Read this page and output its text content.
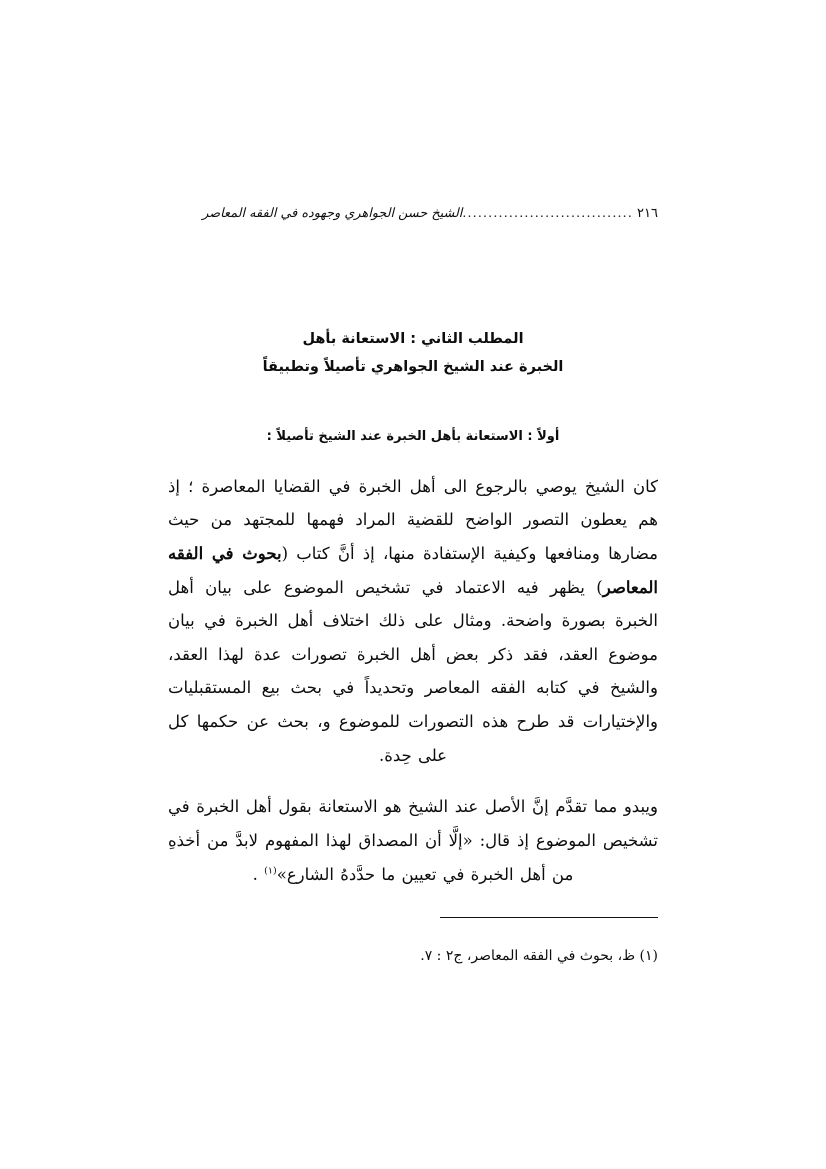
٢١٦
.................................
الشيخ حسن الجواهري وجهوده في الفقه المعاصر
المطلب الثاني : الاستعانة بأهل
الخبرة عند الشيخ الجواهري تأصيلاً وتطبيقاً
أولاً : الاستعانة بأهل الخبرة عند الشيخ تأصيلاً :

كان الشيخ يوصي بالرجوع الى أهل الخبرة في القضايا المعاصرة ؛ إذ هم يعطون التصور الواضح للقضية المراد فهمها للمجتهد من حيث مضارها ومنافعها وكيفية الإستفادة منها، إذ أنَّ كتاب (بحوث في الفقه المعاصر) يظهر فيه الاعتماد في تشخيص الموضوع على بيان أهل الخبرة بصورة واضحة. ومثال على ذلك اختلاف أهل الخبرة في بيان موضوع العقد، فقد ذكر بعض أهل الخبرة تصورات عدة لهذا العقد، والشيخ في كتابه الفقه المعاصر وتحديداً في بحث بيع المستقبليات والإختيارات قد طرح هذه التصورات للموضوع و، بحث عن حكمها كل على حِدة.

ويبدو مما تقدَّم إنَّ الأصل عند الشيخ هو الاستعانة بقول أهل الخبرة في تشخيص الموضوع إذ قال: «إلَّا أن المصداق لهذا المفهوم لابدَّ من أخذهِ من أهل الخبرة في تعيين ما حدَّدهُ الشارع»$^{(١)}$ .

(١) ظ، بحوث في الفقه المعاصر، ج٢ : ٧.
